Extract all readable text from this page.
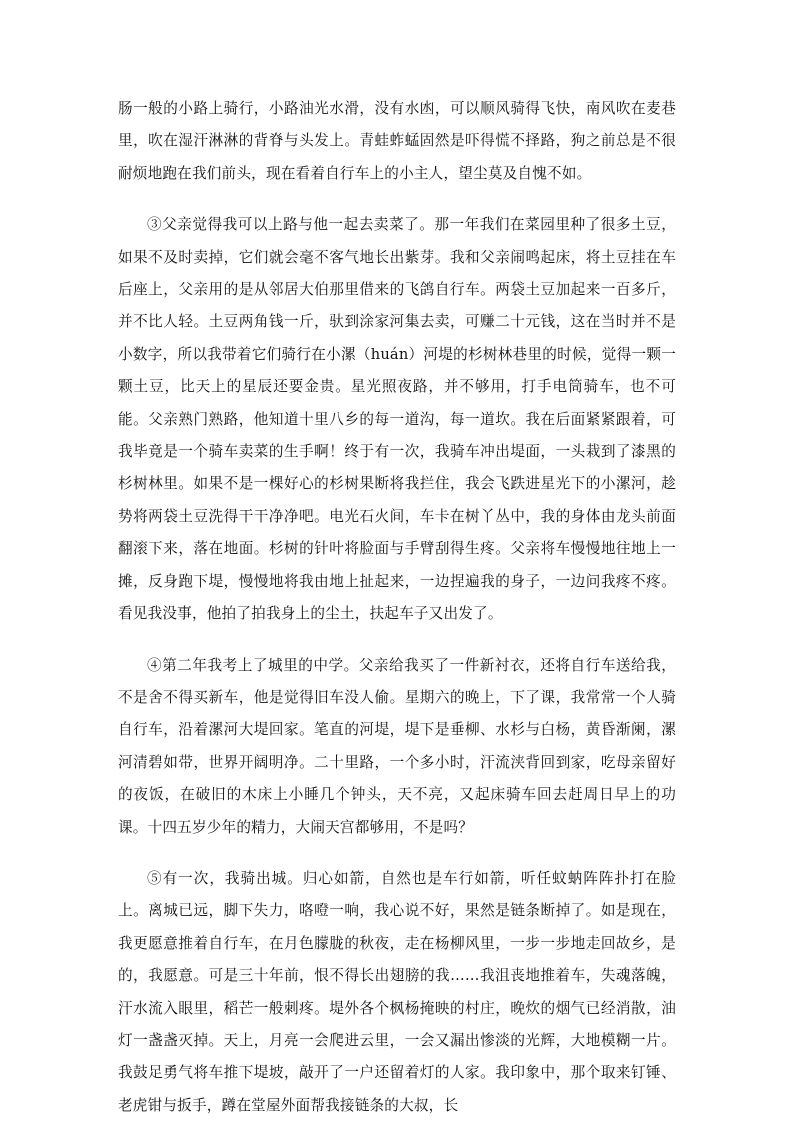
肠一般的小路上骑行，小路油光水滑，没有水凼，可以顺风骑得飞快，南风吹在麦巷里，吹在湿汗淋淋的背脊与头发上。青蛙蚱蜢固然是吓得慌不择路，狗之前总是不很耐烦地跑在我们前头，现在看着自行车上的小主人，望尘莫及自愧不如。

③父亲觉得我可以上路与他一起去卖菜了。那一年我们在菜园里种了很多土豆，如果不及时卖掉，它们就会毫不客气地长出紫芽。我和父亲闹鸣起床，将土豆挂在车后座上，父亲用的是从邻居大伯那里借来的飞鸽自行车。两袋土豆加起来一百多斤，并不比人轻。土豆两角钱一斤，驮到涂家河集去卖，可赚二十元钱，这在当时并不是小数字，所以我带着它们骑行在小漯（huán）河堤的杉树林巷里的时候，觉得一颗一颗土豆，比天上的星辰还要金贵。星光照夜路，并不够用，打手电筒骑车，也不可能。父亲熟门熟路，他知道十里八乡的每一道沟，每一道坎。我在后面紧紧跟着，可我毕竟是一个骑车卖菜的生手啊！终于有一次，我骑车冲出堤面，一头栽到了漆黑的杉树林里。如果不是一棵好心的杉树果断将我拦住，我会飞跌进星光下的小漯河，趁势将两袋土豆洗得干干净净吧。电光石火间，车卡在树丫丛中，我的身体由龙头前面翻滚下来，落在地面。杉树的针叶将脸面与手臂刮得生疼。父亲将车慢慢地往地上一摊，反身跑下堤，慢慢地将我由地上扯起来，一边捏遍我的身子，一边问我疼不疼。看见我没事，他拍了拍我身上的尘土，扶起车子又出发了。

④第二年我考上了城里的中学。父亲给我买了一件新衬衣，还将自行车送给我，不是舍不得买新车，他是觉得旧车没人偷。星期六的晚上，下了课，我常常一个人骑自行车，沿着漯河大堤回家。笔直的河堤，堤下是垂柳、水杉与白杨，黄昏渐阑，漯河清碧如带，世界开阔明净。二十里路，一个多小时，汗流浃背回到家，吃母亲留好的夜饭，在破旧的木床上小睡几个钟头，天不亮，又起床骑车回去赶周日早上的功课。十四五岁少年的精力，大闹天宫都够用，不是吗？

⑤有一次，我骑出城。归心如箭，自然也是车行如箭，听任蚊蚋阵阵扑打在脸上。离城已远，脚下失力，咯噔一响，我心说不好，果然是链条断掉了。如是现在，我更愿意推着自行车，在月色朦胧的秋夜，走在杨柳风里，一步一步地走回故乡，是的，我愿意。可是三十年前，恨不得长出翅膀的我……我沮丧地推着车，失魂落魄，汗水流入眼里，稻芒一般刺疼。堤外各个枫杨掩映的村庄，晚炊的烟气已经消散，油灯一盏盏灭掉。天上，月亮一会爬进云里，一会又漏出惨淡的光辉，大地模糊一片。我鼓足勇气将车推下堤坡，敲开了一户还留着灯的人家。我印象中，那个取来钉锤、老虎钳与扳手，蹲在堂屋外面帮我接链条的大叔，长
